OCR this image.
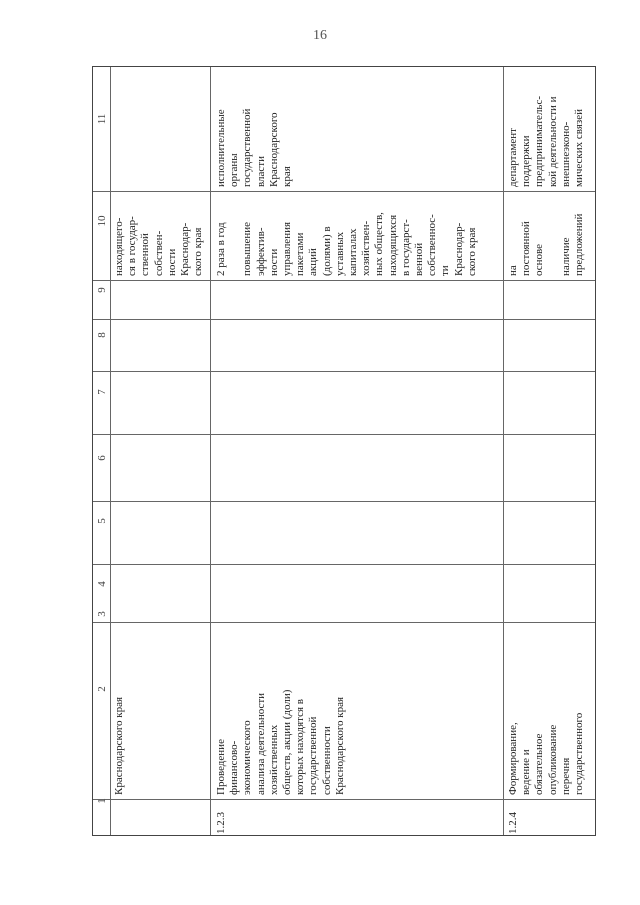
16
1
2
3
4
5
6
7
8
9
10
11
Краснодарского края
находящего-
ся в государ-
ственной
собствен-
ности
Краснодар-
ского края
1.2.3
Проведение
финансово-
экономического
анализа деятельности
хозяйственных
обществ, акции (доли)
которых находятся в
государственной
собственности
Краснодарского края
2 раза в год

повышение
эффектив-
ности
управления
пакетами
акций
(долями) в
уставных
капиталах
хозяйствен-
ных обществ,
находящихся
в государст-
венной
собственнос-
ти
Краснодар-
ского края
исполнительные
органы
государственной
власти
Краснодарского
края
1.2.4
Формирование,
ведение и
обязательное
опубликование
перечня
государственного
на
постоянной
основе

наличие
предложений
департамент
поддержки
предпринимательс-
кой деятельности и
внешнеэконо-
мических связей
